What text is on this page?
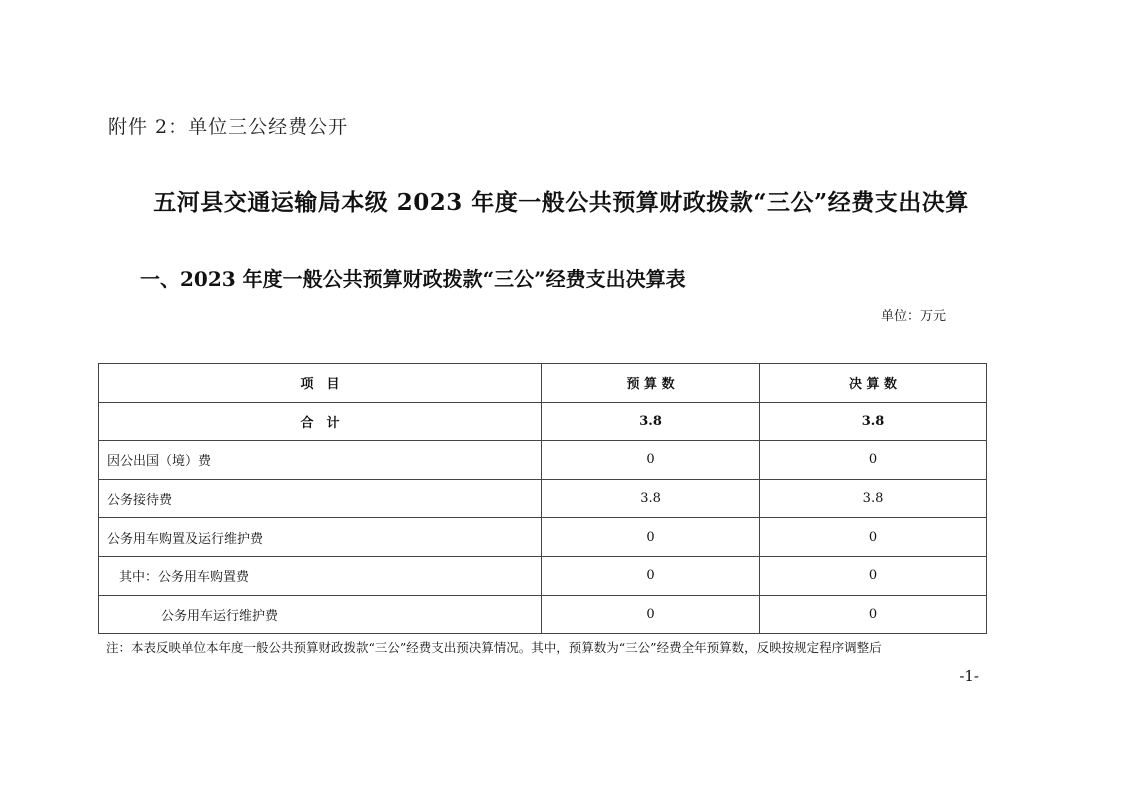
附件 2：单位三公经费公开
五河县交通运输局本级 2023 年度一般公共预算财政拨款“三公”经费支出决算
一、2023 年度一般公共预算财政拨款“三公”经费支出决算表
单位：万元
项　目	预 算 数	决 算 数
合　计	3.8	3.8
因公出国（境）费	0	0
公务接待费	3.8	3.8
公务用车购置及运行维护费	0	0
其中：公务用车购置费	0	0
公务用车运行维护费	0	0
注：本表反映单位本年度一般公共预算财政拨款“三公”经费支出预决算情况。其中，预算数为“三公”经费全年预算数，反映按规定程序调整后
-1-
